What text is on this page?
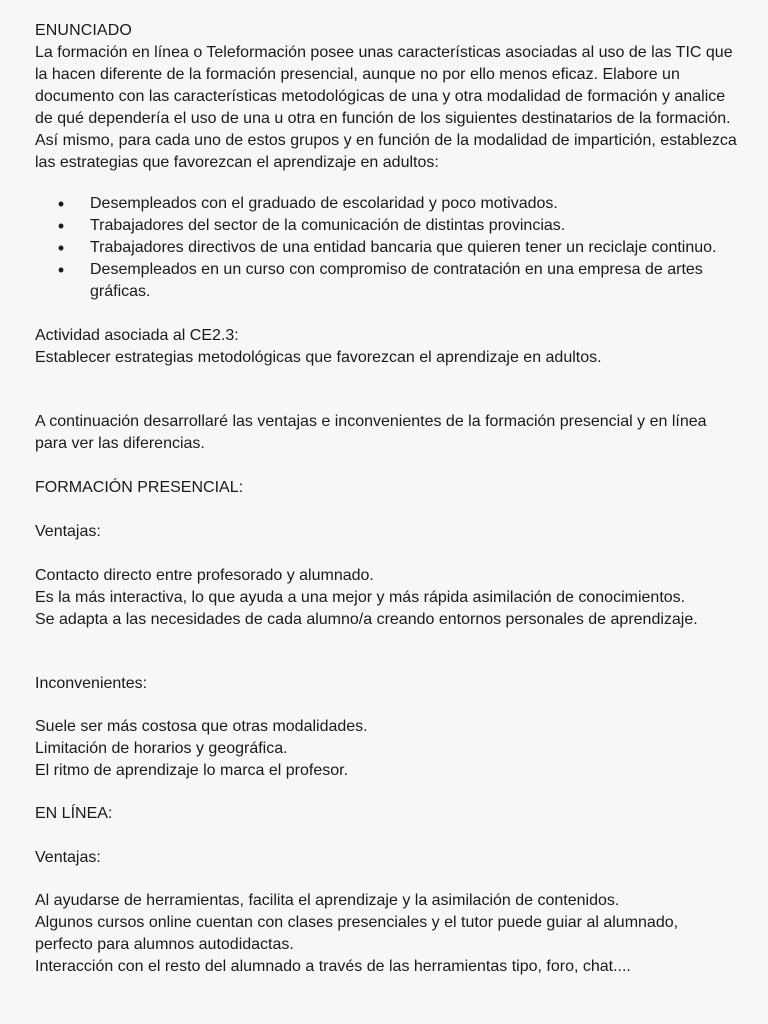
ENUNCIADO

La formación en línea o Teleformación posee unas características asociadas al uso de las TIC que la hacen diferente de la formación presencial, aunque no por ello menos eficaz. Elabore un documento con las características metodológicas de una y otra modalidad de formación y analice de qué dependería el uso de una u otra en función de los siguientes destinatarios de la formación. Así mismo, para cada uno de estos grupos y en función de la modalidad de impartición, establezca las estrategias que favorezcan el aprendizaje en adultos:

• Desempleados con el graduado de escolaridad y poco motivados.
• Trabajadores del sector de la comunicación de distintas provincias.
• Trabajadores directivos de una entidad bancaria que quieren tener un reciclaje continuo.
• Desempleados en un curso con compromiso de contratación en una empresa de artes gráficas.

Actividad asociada al CE2.3:

Establecer estrategias metodológicas que favorezcan el aprendizaje en adultos.

A continuación desarrollaré las ventajas e inconvenientes de la formación presencial y en línea para ver las diferencias.

FORMACIÓN PRESENCIAL:

Ventajas:

Contacto directo entre profesorado y alumnado.

Es la más interactiva, lo que ayuda a una mejor y más rápida asimilación de conocimientos.

Se adapta a las necesidades de cada alumno/a creando entornos personales de aprendizaje.

Inconvenientes:

Suele ser más costosa que otras modalidades.

Limitación de horarios y geográfica.

El ritmo de aprendizaje lo marca el profesor.

EN LÍNEA:

Ventajas:

Al ayudarse de herramientas, facilita el aprendizaje y la asimilación de contenidos.

Algunos cursos online cuentan con clases presenciales y el tutor puede guiar al alumnado, perfecto para alumnos autodidactas.

Interacción con el resto del alumnado a través de las herramientas tipo, foro, chat....
